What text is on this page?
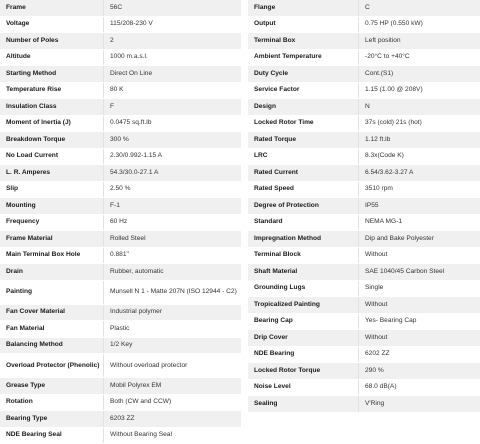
Frame	56C
Voltage	115/208-230 V
Number of Poles	2
Altitude	1000 m.a.s.l.
Starting Method	Direct On Line
Temperature Rise	80 K
Insulation Class	F
Moment of Inertia (J)	0.0475 sq.ft.lb
Breakdown Torque	300 %
No Load Current	2.30/0.992-1.15 A
L. R. Amperes	54.3/30.0-27.1 A
Slip	2.50 %
Mounting	F-1
Frequency	60 Hz
Frame Material	Rolled Steel
Main Terminal Box Hole	0.881"
Drain	Rubber, automatic
Painting	Munsell N 1 - Matte 207N (ISO 12944 - C2)
Fan Cover Material	Industrial polymer
Fan Material	Plastic
Balancing Method	1/2 Key
Overload Protector (Phenolic)	Without overload protector
Grease Type	Mobil Polyrex EM
Rotation	Both (CW and CCW)
Bearing Type	6203 ZZ
NDE Bearing Seal	Without Bearing Seal
Flange	C
Output	0.75 HP (0.550 kW)
Terminal Box	Left position
Ambient Temperature	-20°C to +40°C
Duty Cycle	Cont.(S1)
Service Factor	1.15 (1.00 @ 208V)
Design	N
Locked Rotor Time	37s (cold) 21s (hot)
Rated Torque	1.12 ft.lb
LRC	8.3x(Code K)
Rated Current	6.54/3.62-3.27 A
Rated Speed	3510 rpm
Degree of Protection	IP55
Standard	NEMA MG-1
Impregnation Method	Dip and Bake Polyester
Terminal Block	Without
Shaft Material	SAE 1040/45 Carbon Steel
Grounding Lugs	Single
Tropicalized Painting	Without
Bearing Cap	Yes- Bearing Cap
Drip Cover	Without
NDE Bearing	6202 ZZ
Locked Rotor Torque	290 %
Noise Level	68.0 dB(A)
Sealing	V'Ring
